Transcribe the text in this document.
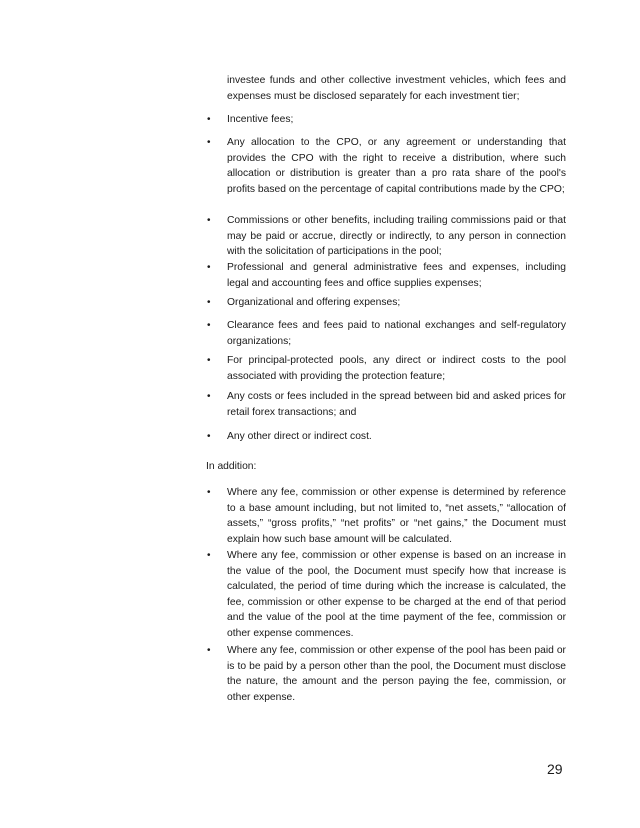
investee funds and other collective investment vehicles, which fees and expenses must be disclosed separately for each investment tier;
•
Incentive fees;
•
Any allocation to the CPO, or any agreement or understanding that provides the CPO with the right to receive a distribution, where such allocation or distribution is greater than a pro rata share of the pool's profits based on the percentage of capital contributions made by the CPO;
•
Commissions or other benefits, including trailing commissions paid or that may be paid or accrue, directly or indirectly, to any person in connection with the solicitation of participations in the pool;
•
Professional and general administrative fees and expenses, including legal and accounting fees and office supplies expenses;
•
Organizational and offering expenses;
•
Clearance fees and fees paid to national exchanges and self-regulatory organizations;
•
For principal-protected pools, any direct or indirect costs to the pool associated with providing the protection feature;
•
Any costs or fees included in the spread between bid and asked prices for retail forex transactions; and
•
Any other direct or indirect cost.
In addition:
•
Where any fee, commission or other expense is determined by reference to a base amount including, but not limited to, “net assets,” “allocation of assets,” “gross profits,” “net profits” or “net gains,” the Document must explain how such base amount will be calculated.
•
Where any fee, commission or other expense is based on an increase in the value of the pool, the Document must specify how that increase is calculated, the period of time during which the increase is calculated, the fee, commission or other expense to be charged at the end of that period and the value of the pool at the time payment of the fee, commission or other expense commences.
•
Where any fee, commission or other expense of the pool has been paid or is to be paid by a person other than the pool, the Document must disclose the nature, the amount and the person paying the fee, commission, or other expense.
29
